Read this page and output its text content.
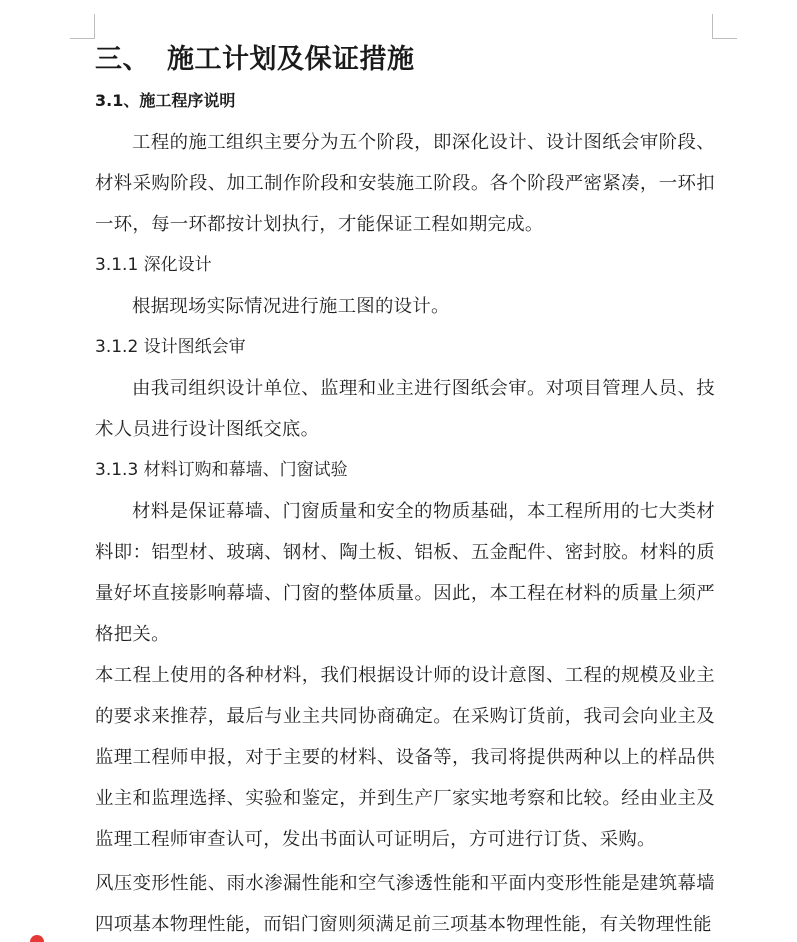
三、 施工计划及保证措施
3.1、施工程序说明

工程的施工组织主要分为五个阶段，即深化设计、设计图纸会审阶段、材料采购阶段、加工制作阶段和安装施工阶段。各个阶段严密紧凑，一环扣一环，每一环都按计划执行，才能保证工程如期完成。

3.1.1 深化设计

根据现场实际情况进行施工图的设计。

3.1.2 设计图纸会审

由我司组织设计单位、监理和业主进行图纸会审。对项目管理人员、技术人员进行设计图纸交底。

3.1.3 材料订购和幕墙、门窗试验

材料是保证幕墙、门窗质量和安全的物质基础，本工程所用的七大类材料即：铝型材、玻璃、钢材、陶土板、铝板、五金配件、密封胶。材料的质量好坏直接影响幕墙、门窗的整体质量。因此，本工程在材料的质量上须严格把关。

本工程上使用的各种材料，我们根据设计师的设计意图、工程的规模及业主的要求来推荐，最后与业主共同协商确定。在采购订货前，我司会向业主及监理工程师申报，对于主要的材料、设备等，我司将提供两种以上的样品供业主和监理选择、实验和鉴定，并到生产厂家实地考察和比较。经由业主及监理工程师审查认可，发出书面认可证明后，方可进行订货、采购。

风压变形性能、雨水渗漏性能和空气渗透性能和平面内变形性能是建筑幕墙四项基本物理性能，而铝门窗则须满足前三项基本物理性能，有关物理性能
